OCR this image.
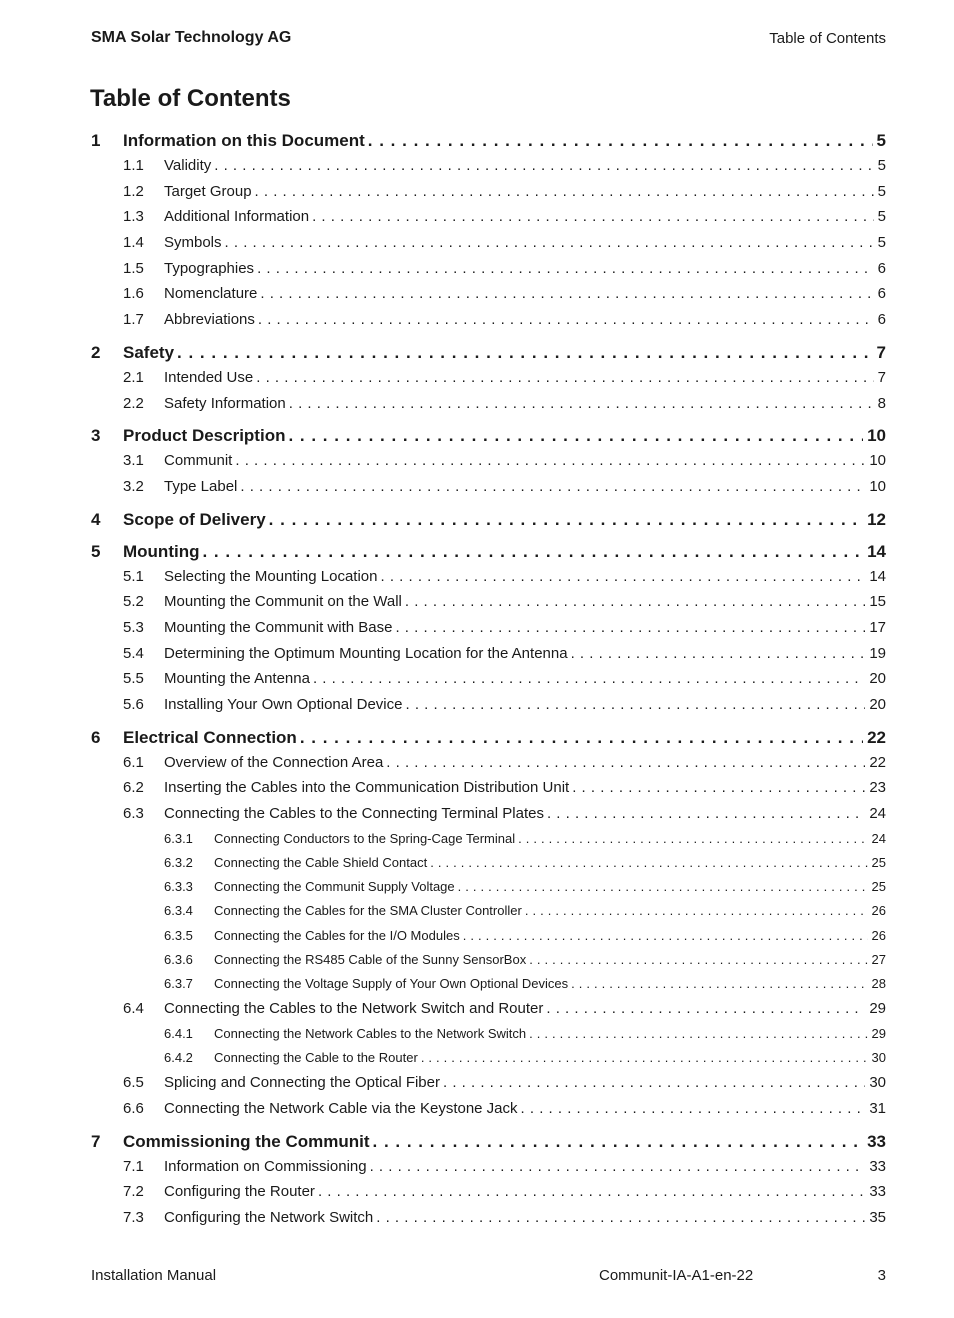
SMA Solar Technology AG	Table of Contents
Table of Contents
1	Information on this Document . . .	5
1.1	Validity . . .	5
1.2	Target Group . . .	5
1.3	Additional Information . . .	5
1.4	Symbols . . .	5
1.5	Typographies . . .	6
1.6	Nomenclature . . .	6
1.7	Abbreviations . . .	6
2	Safety . . .	7
2.1	Intended Use . . .	7
2.2	Safety Information . . .	8
3	Product Description . . .	10
3.1	Communit . . .	10
3.2	Type Label . . .	10
4	Scope of Delivery . . .	12
5	Mounting . . .	14
5.1	Selecting the Mounting Location . . .	14
5.2	Mounting the Communit on the Wall . . .	15
5.3	Mounting the Communit with Base . . .	17
5.4	Determining the Optimum Mounting Location for the Antenna . . .	19
5.5	Mounting the Antenna . . .	20
5.6	Installing Your Own Optional Device . . .	20
6	Electrical Connection . . .	22
6.1	Overview of the Connection Area . . .	22
6.2	Inserting the Cables into the Communication Distribution Unit . . .	23
6.3	Connecting the Cables to the Connecting Terminal Plates . . .	24
6.3.1	Connecting Conductors to the Spring-Cage Terminal . . .	24
6.3.2	Connecting the Cable Shield Contact . . .	25
6.3.3	Connecting the Communit Supply Voltage . . .	25
6.3.4	Connecting the Cables for the SMA Cluster Controller . . .	26
6.3.5	Connecting the Cables for the I/O Modules . . .	26
6.3.6	Connecting the RS485 Cable of the Sunny SensorBox . . .	27
6.3.7	Connecting the Voltage Supply of Your Own Optional Devices . . .	28
6.4	Connecting the Cables to the Network Switch and Router . . .	29
6.4.1	Connecting the Network Cables to the Network Switch . . .	29
6.4.2	Connecting the Cable to the Router . . .	30
6.5	Splicing and Connecting the Optical Fiber . . .	30
6.6	Connecting the Network Cable via the Keystone Jack . . .	31
7	Commissioning the Communit . . .	33
7.1	Information on Commissioning . . .	33
7.2	Configuring the Router . . .	33
7.3	Configuring the Network Switch . . .	35
Installation Manual	Communit-IA-A1-en-22	3
